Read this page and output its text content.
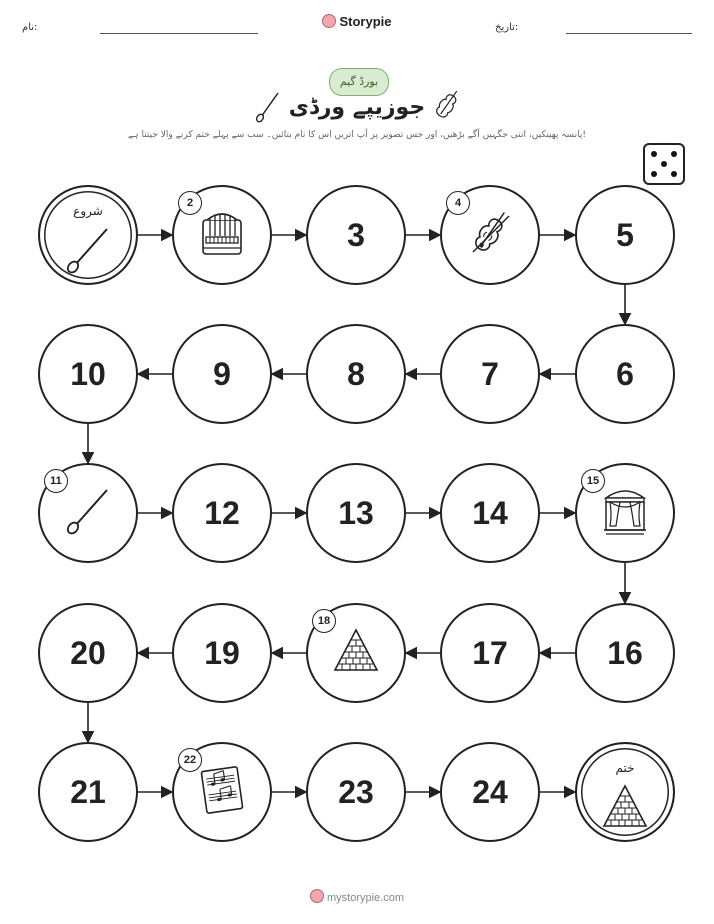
نام:	Storypie	تاریخ:
بورڈ گیم
جوزیپے ورڈی
پانسہ پھینکیں، اتنی جگہیں آگے بڑھیں، اور جس تصویر پر آپ اتریں اس کا نام بتائیں۔ سب سے پہلے ختم کرنے والا جیتتا ہے!
شروع
2
3
4
5
6
7
8
9
10
11
12	13	14
15
16
17
18
19
20
21
22
23	24
ختم
mystorypie.com
